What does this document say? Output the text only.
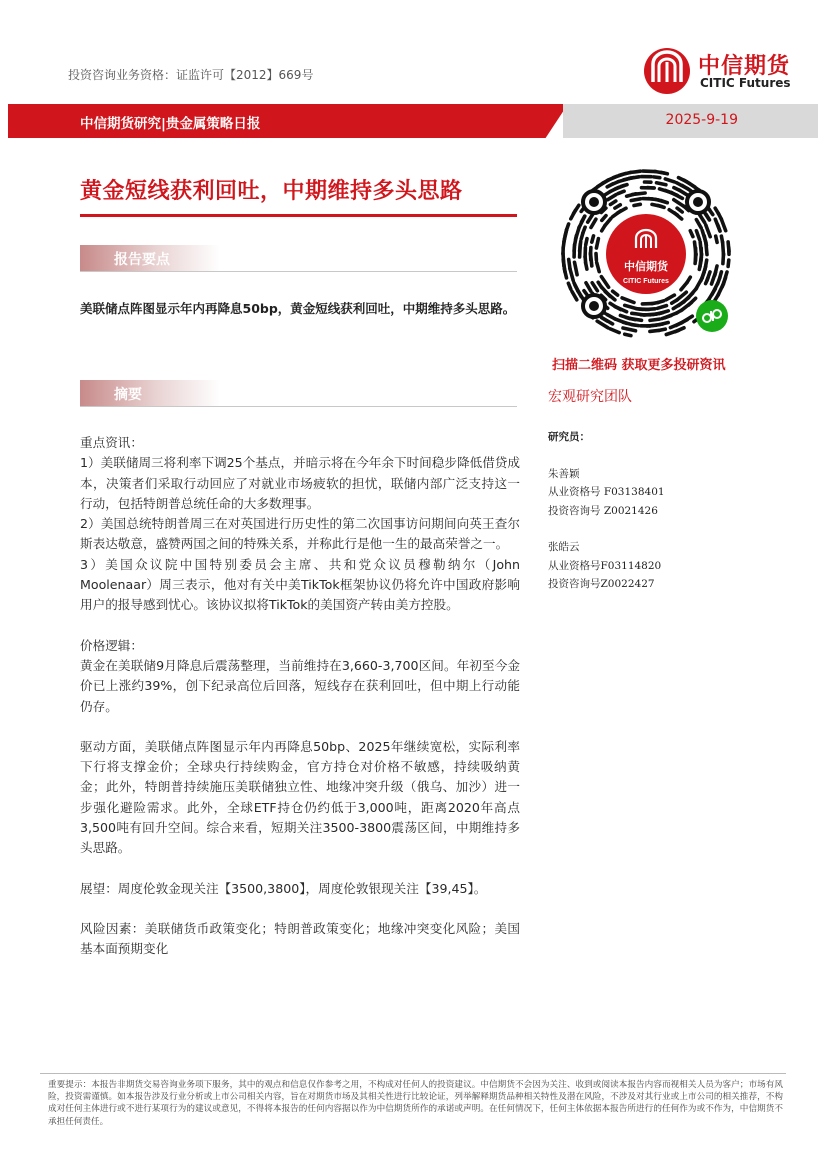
投资咨询业务资格：证监许可【2012】669号	中信期货
CITIC Futures
中信期货研究|贵金属策略日报	2025-9-19
黄金短线获利回吐，中期维持多头思路
报告要点
美联储点阵图显示年内再降息50bp，黄金短线获利回吐，中期维持多头思路。
摘要

重点资讯：

1）美联储周三将利率下调25个基点，并暗示将在今年余下时间稳步降低借贷成本，决策者们采取行动回应了对就业市场疲软的担忧，联储内部广泛支持这一行动，包括特朗普总统任命的大多数理事。

2）美国总统特朗普周三在对英国进行历史性的第二次国事访问期间向英王查尔斯表达敬意，盛赞两国之间的特殊关系，并称此行是他一生的最高荣誉之一。

3）美国众议院中国特别委员会主席、共和党众议员穆勒纳尔（John Moolenaar）周三表示，他对有关中美TikTok框架协议仍将允许中国政府影响用户的报导感到忧心。该协议拟将TikTok的美国资产转由美方控股。

价格逻辑：

黄金在美联储9月降息后震荡整理，当前维持在3,660-3,700区间。年初至今金价已上涨约39%，创下纪录高位后回落，短线存在获利回吐，但中期上行动能仍存。

驱动方面，美联储点阵图显示年内再降息50bp、2025年继续宽松，实际利率下行将支撑金价；全球央行持续购金，官方持仓对价格不敏感，持续吸纳黄金；此外，特朗普持续施压美联储独立性、地缘冲突升级（俄乌、加沙）进一步强化避险需求。此外，全球ETF持仓仍约低于3,000吨，距离2020年高点3,500吨有回升空间。综合来看，短期关注3500-3800震荡区间，中期维持多头思路。

展望：周度伦敦金现关注【3500,3800】，周度伦敦银现关注【39,45】。

风险因素：美联储货币政策变化；特朗普政策变化；地缘冲突变化风险；美国基本面预期变化

中信期货
CITIC Futures
扫描二维码 获取更多投研资讯
宏观研究团队
研究员：
朱善颖
从业资格号 F03138401
投资咨询号 Z0021426
张皓云
从业资格号F03114820
投资咨询号Z0022427
重要提示：本报告非期货交易咨询业务项下服务，其中的观点和信息仅作参考之用，不构成对任何人的投资建议。中信期货不会因为关注、收到或阅读本报告内容而视相关人员为客户；市场有风险，投资需谨慎。如本报告涉及行业分析或上市公司相关内容，旨在对期货市场及其相关性进行比较论证，列举解释期货品种相关特性及潜在风险，不涉及对其行业或上市公司的相关推荐，不构成对任何主体进行或不进行某项行为的建议或意见，不得将本报告的任何内容据以作为中信期货所作的承诺或声明。在任何情况下，任何主体依据本报告所进行的任何作为或不作为，中信期货不承担任何责任。
